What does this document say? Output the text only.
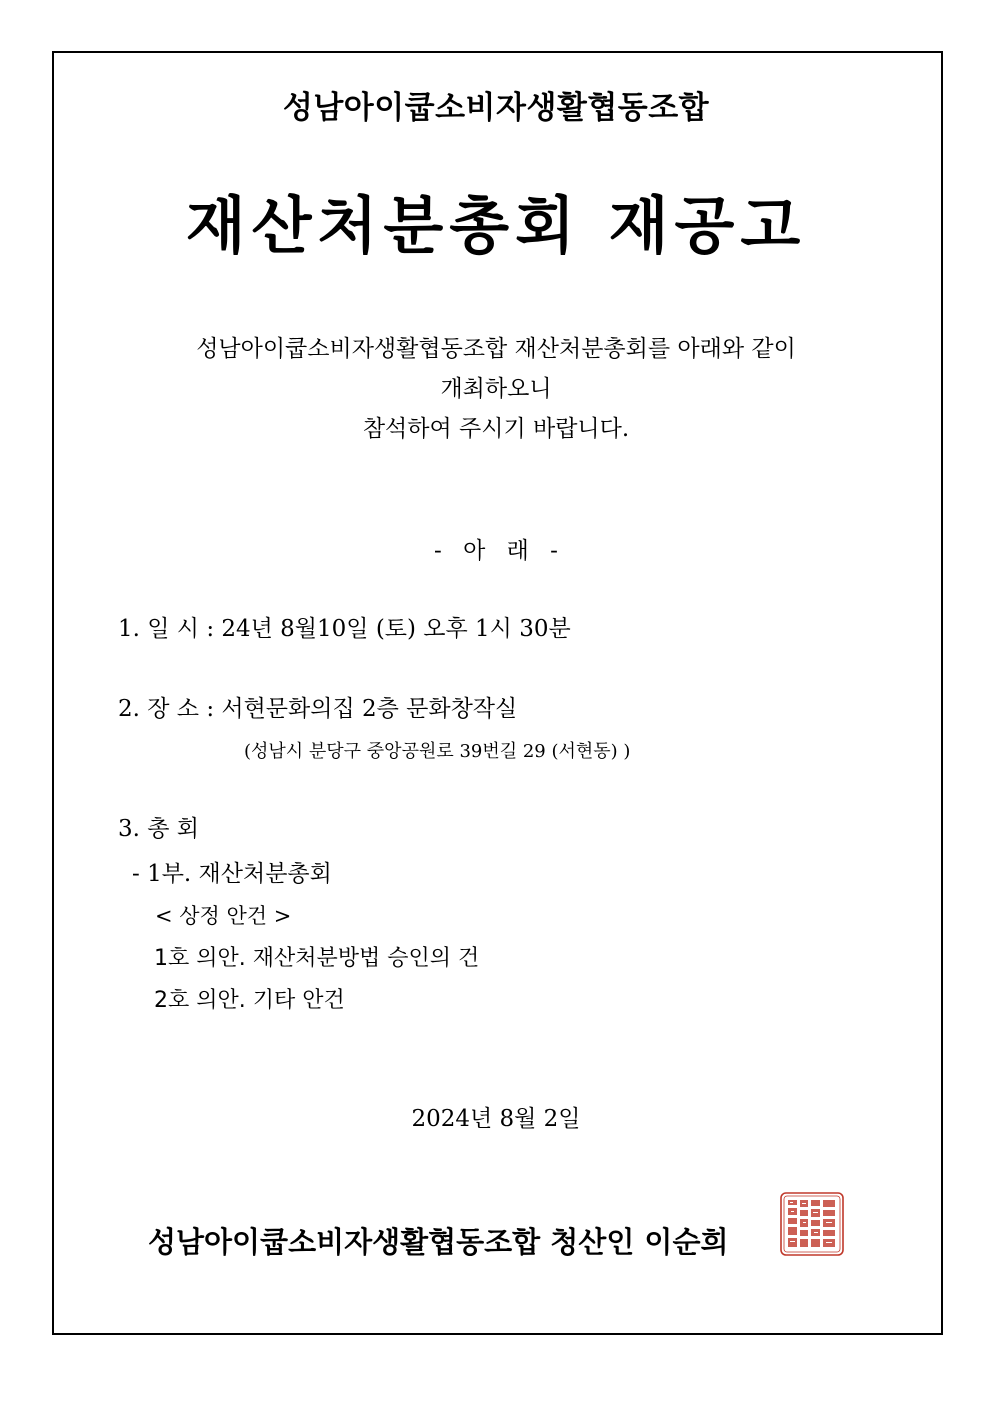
성남아이쿱소비자생활협동조합
재산처분총회 재공고
성남아이쿱소비자생활협동조합 재산처분총회를 아래와 같이
개최하오니
참석하여 주시기 바랍니다.
- 아 래 -
1. 일 시 : 24년 8월10일 (토) 오후 1시 30분
2. 장 소 : 서현문화의집 2층 문화창작실
(성남시 분당구 중앙공원로 39번길 29 (서현동) )
3. 총 회
- 1부. 재산처분총회
< 상정 안건 >
1호 의안. 재산처분방법 승인의 건
2호 의안. 기타 안건
2024년 8월 2일
성남아이쿱소비자생활협동조합 청산인 이순희
